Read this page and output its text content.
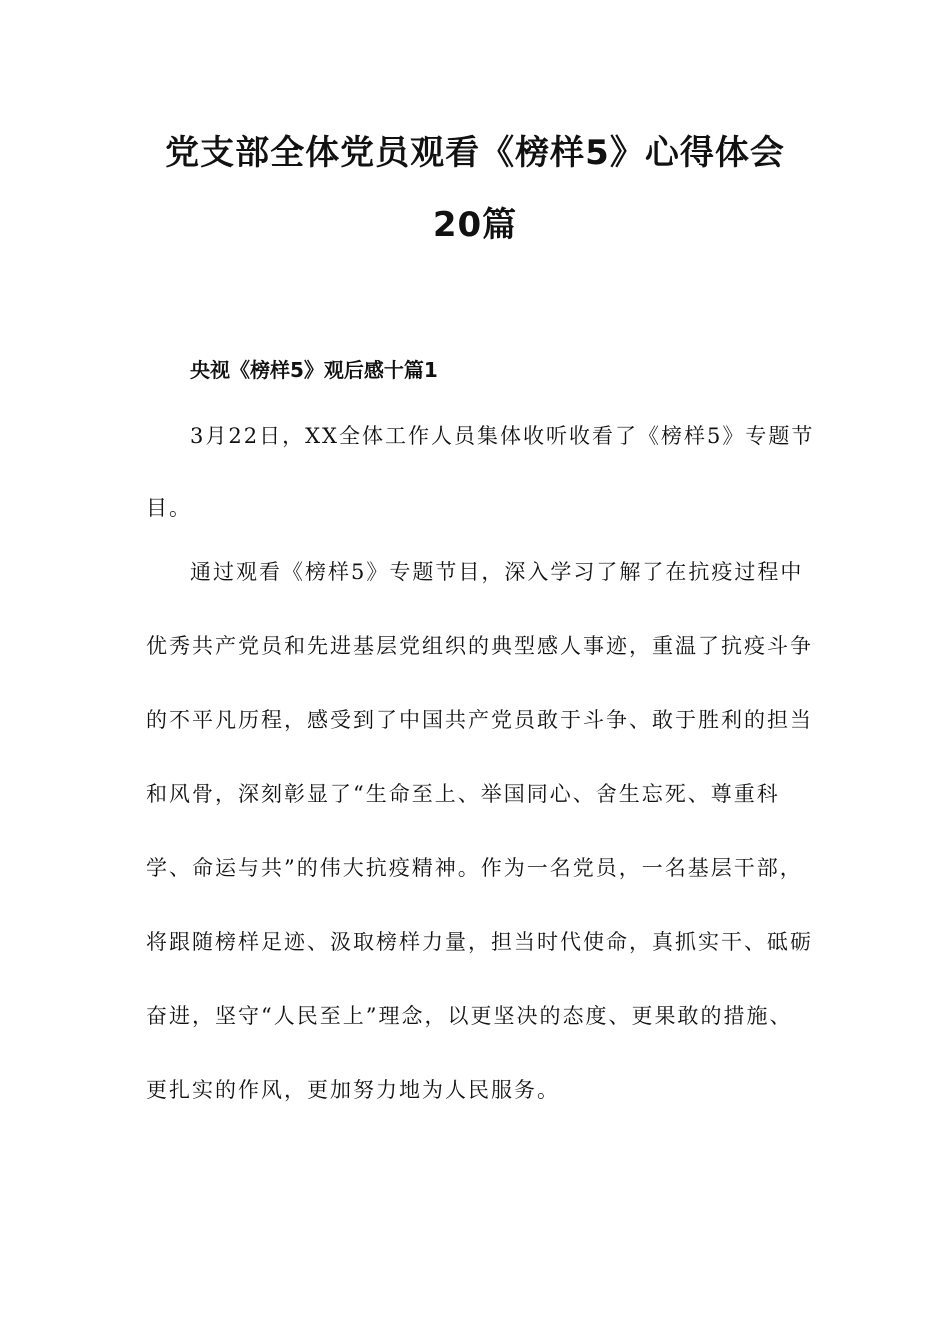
党支部全体党员观看《榜样5》心得体会
20篇
央视《榜样5》观后感十篇1

3月22日，XX全体工作人员集体收听收看了《榜样5》专题节

目。

通过观看《榜样5》专题节目，深入学习了解了在抗疫过程中

优秀共产党员和先进基层党组织的典型感人事迹，重温了抗疫斗争

的不平凡历程，感受到了中国共产党员敢于斗争、敢于胜利的担当

和风骨，深刻彰显了“生命至上、举国同心、舍生忘死、尊重科

学、命运与共”的伟大抗疫精神。作为一名党员，一名基层干部，

将跟随榜样足迹、汲取榜样力量，担当时代使命，真抓实干、砥砺

奋进，坚守“人民至上”理念，以更坚决的态度、更果敢的措施、

更扎实的作风，更加努力地为人民服务。
